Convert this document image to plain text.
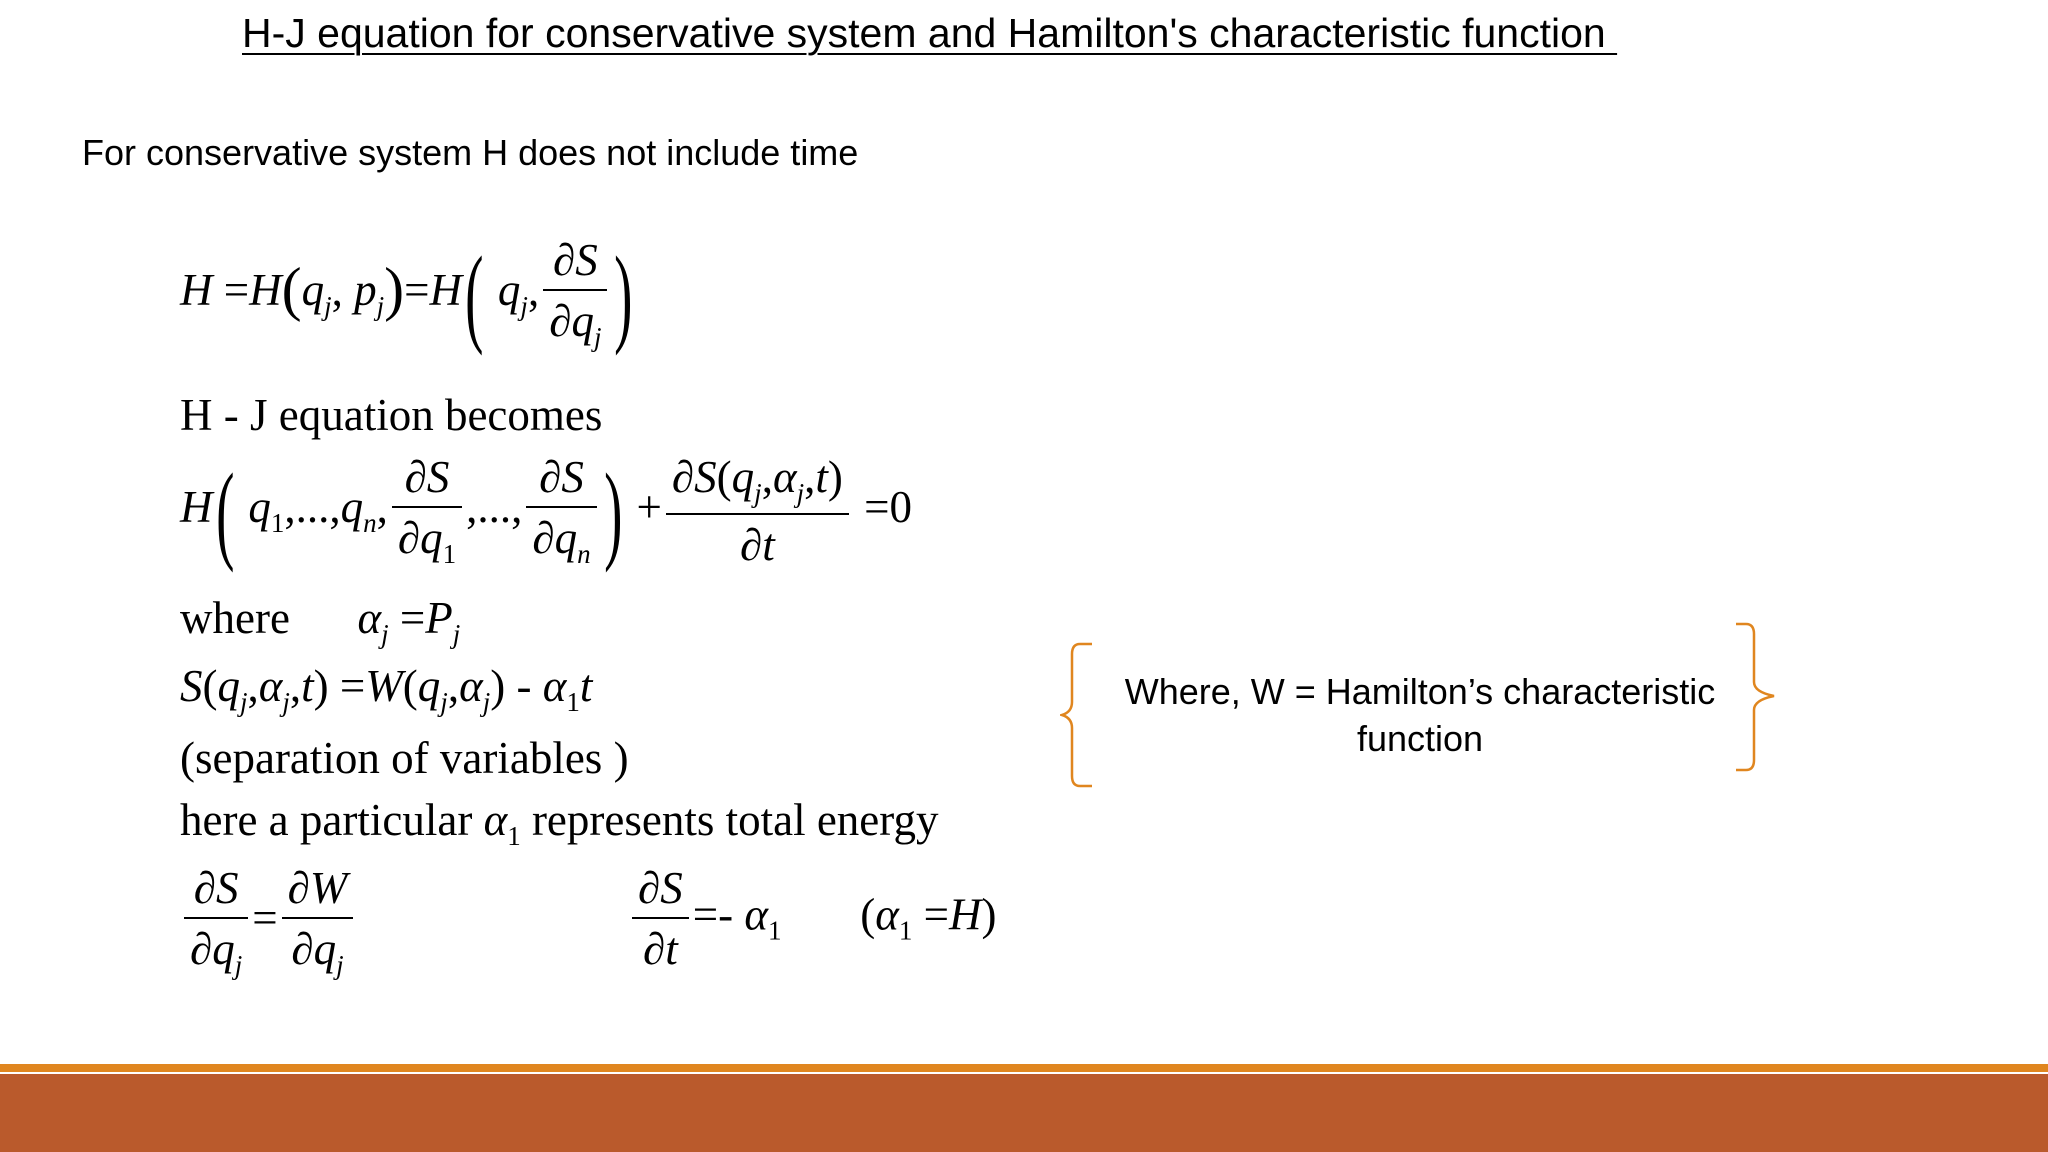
H-J equation for conservative system and Hamilton's characteristic function
For conservative system H does not include time
$H =H(q_j$, $p_j)=H$( $q_j$, $\frac{\partial S}{\partial q_j}$ )
H - J equation becomes
H( $q_1,...,q_n$, $\frac{\partial S}{\partial q_1}$ ,..., $\frac{\partial S}{\partial q_n}$ ) + $\frac{\partial S(q_j,\alpha_j,t)}{\partial t} =0$
where $\alpha_j =P_j$
$S(q_j,\alpha_j,t) =W(q_j,\alpha_j) - \alpha_1t$
(separation of variables )
here a particular $\alpha_1$ represents total energy
$\frac{\partial S}{\partial q_j} = \frac{\partial W}{\partial q_j}$	$\frac{\partial S}{\partial t} =- \alpha_1$       $(\alpha_1 =H)$
Where, W = Hamilton’s characteristic
function
